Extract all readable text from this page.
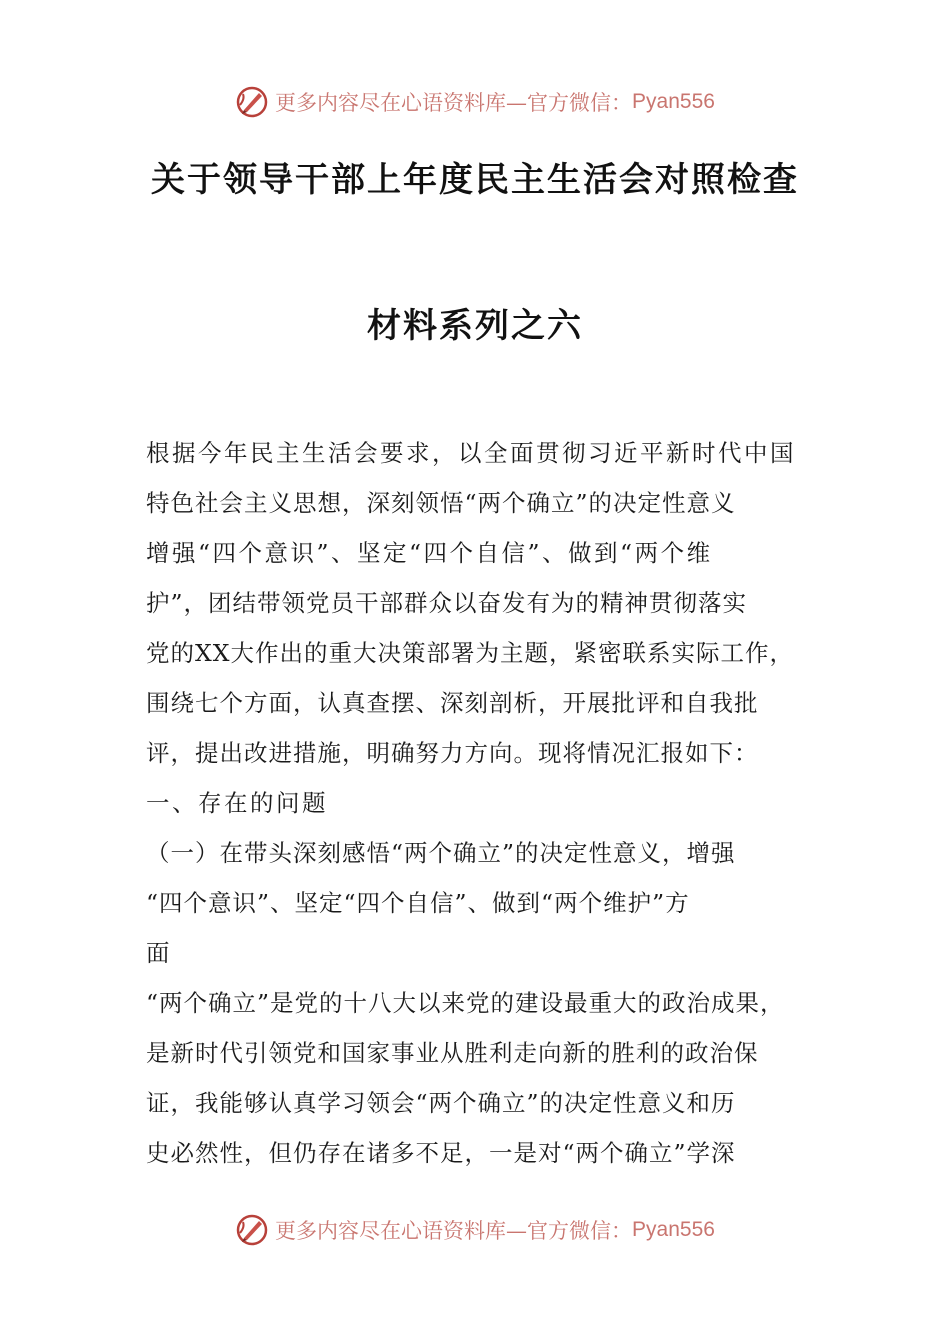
更多内容尽在心语资料库—官方微信： Pyan556
关于领导干部上年度民主生活会对照检查
材料系列之六
根据今年民主生活会要求，以全面贯彻习近平新时代中国
特色社会主义思想，深刻领悟“两个确立”的决定性意义
增强“四个意识”、坚定“四个自信”、做到“两个维
护”，团结带领党员干部群众以奋发有为的精神贯彻落实
党的XX大作出的重大决策部署为主题，紧密联系实际工作，
围绕七个方面，认真查摆、深刻剖析，开展批评和自我批
评，提出改进措施，明确努力方向。现将情况汇报如下：
一、存在的问题
（一）在带头深刻感悟“两个确立”的决定性意义，增强
“四个意识”、坚定“四个自信”、做到“两个维护”方
面
“两个确立”是党的十八大以来党的建设最重大的政治成果，
是新时代引领党和国家事业从胜利走向新的胜利的政治保
证，我能够认真学习领会“两个确立”的决定性意义和历
史必然性，但仍存在诸多不足，一是对“两个确立”学深
更多内容尽在心语资料库—官方微信： Pyan556
